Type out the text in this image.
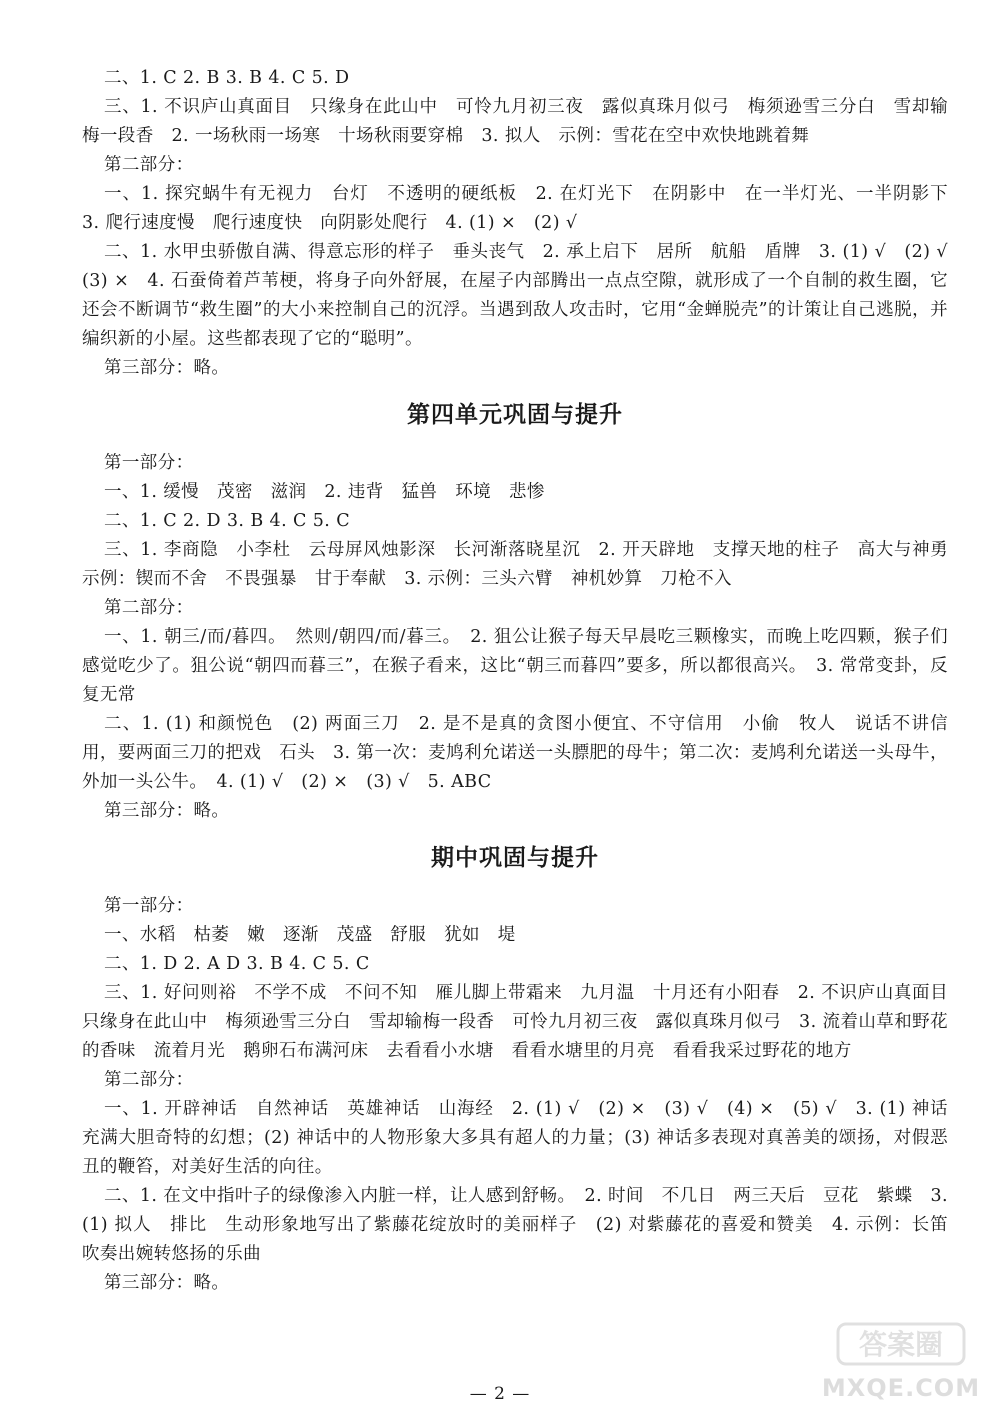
二、1. C 2. B 3. B 4. C 5. D

三、1. 不识庐山真面目　只缘身在此山中　可怜九月初三夜　露似真珠月似弓　梅须逊雪三分白　雪却输梅一段香　2. 一场秋雨一场寒　十场秋雨要穿棉　3. 拟人　示例：雪花在空中欢快地跳着舞

第二部分：

一、1. 探究蜗牛有无视力　台灯　不透明的硬纸板　2. 在灯光下　在阴影中　在一半灯光、一半阴影下　3. 爬行速度慢　爬行速度快　向阴影处爬行　4. (1) ×　(2) √

二、1. 水甲虫骄傲自满、得意忘形的样子　垂头丧气　2. 承上启下　居所　航船　盾牌　3. (1) √　(2) √　(3) ×　4. 石蚕倚着芦苇梗，将身子向外舒展，在屋子内部腾出一点点空隙，就形成了一个自制的救生圈，它还会不断调节“救生圈”的大小来控制自己的沉浮。当遇到敌人攻击时，它用“金蝉脱壳”的计策让自己逃脱，并编织新的小屋。这些都表现了它的“聪明”。

第三部分：略。

第四单元巩固与提升

第一部分：

一、1. 缓慢　茂密　滋润　2. 违背　猛兽　环境　悲惨

二、1. C 2. D 3. B 4. C 5. C

三、1. 李商隐　小李杜　云母屏风烛影深　长河渐落晓星沉　2. 开天辟地　支撑天地的柱子　高大与神勇　示例：锲而不舍　不畏强暴　甘于奉献　3. 示例：三头六臂　神机妙算　刀枪不入

第二部分：

一、1. 朝三/而/暮四。　然则/朝四/而/暮三。　2. 狙公让猴子每天早晨吃三颗橡实，而晚上吃四颗，猴子们感觉吃少了。狙公说“朝四而暮三”，在猴子看来，这比“朝三而暮四”要多，所以都很高兴。　3. 常常变卦，反复无常

二、1. (1) 和颜悦色　(2) 两面三刀　2. 是不是真的贪图小便宜、不守信用　小偷　牧人　说话不讲信用，要两面三刀的把戏　石头　3. 第一次：麦鸠利允诺送一头膘肥的母牛；第二次：麦鸠利允诺送一头母牛，外加一头公牛。　4. (1) √　(2) ×　(3) √　5. ABC

第三部分：略。

期中巩固与提升

第一部分：

一、水稻　枯萎　嫩　逐渐　茂盛　舒服　犹如　堤

二、1. D 2. A D 3. B 4. C 5. C

三、1. 好问则裕　不学不成　不问不知　雁儿脚上带霜来　九月温　十月还有小阳春　2. 不识庐山真面目　只缘身在此山中　梅须逊雪三分白　雪却输梅一段香　可怜九月初三夜　露似真珠月似弓　3. 流着山草和野花的香味　流着月光　鹅卵石布满河床　去看看小水塘　看看水塘里的月亮　看看我采过野花的地方

第二部分：

一、1. 开辟神话　自然神话　英雄神话　山海经　2. (1) √　(2) ×　(3) √　(4) ×　(5) √　3. (1) 神话充满大胆奇特的幻想；(2) 神话中的人物形象大多具有超人的力量；(3) 神话多表现对真善美的颂扬，对假恶丑的鞭笞，对美好生活的向往。

二、1. 在文中指叶子的绿像渗入内脏一样，让人感到舒畅。　2. 时间　不几日　两三天后　豆花　紫蝶　3. (1) 拟人　排比　生动形象地写出了紫藤花绽放时的美丽样子　(2) 对紫藤花的喜爱和赞美　4. 示例：长笛　吹奏出婉转悠扬的乐曲

第三部分：略。

— 2 —
答案圈
MXQE.COM
